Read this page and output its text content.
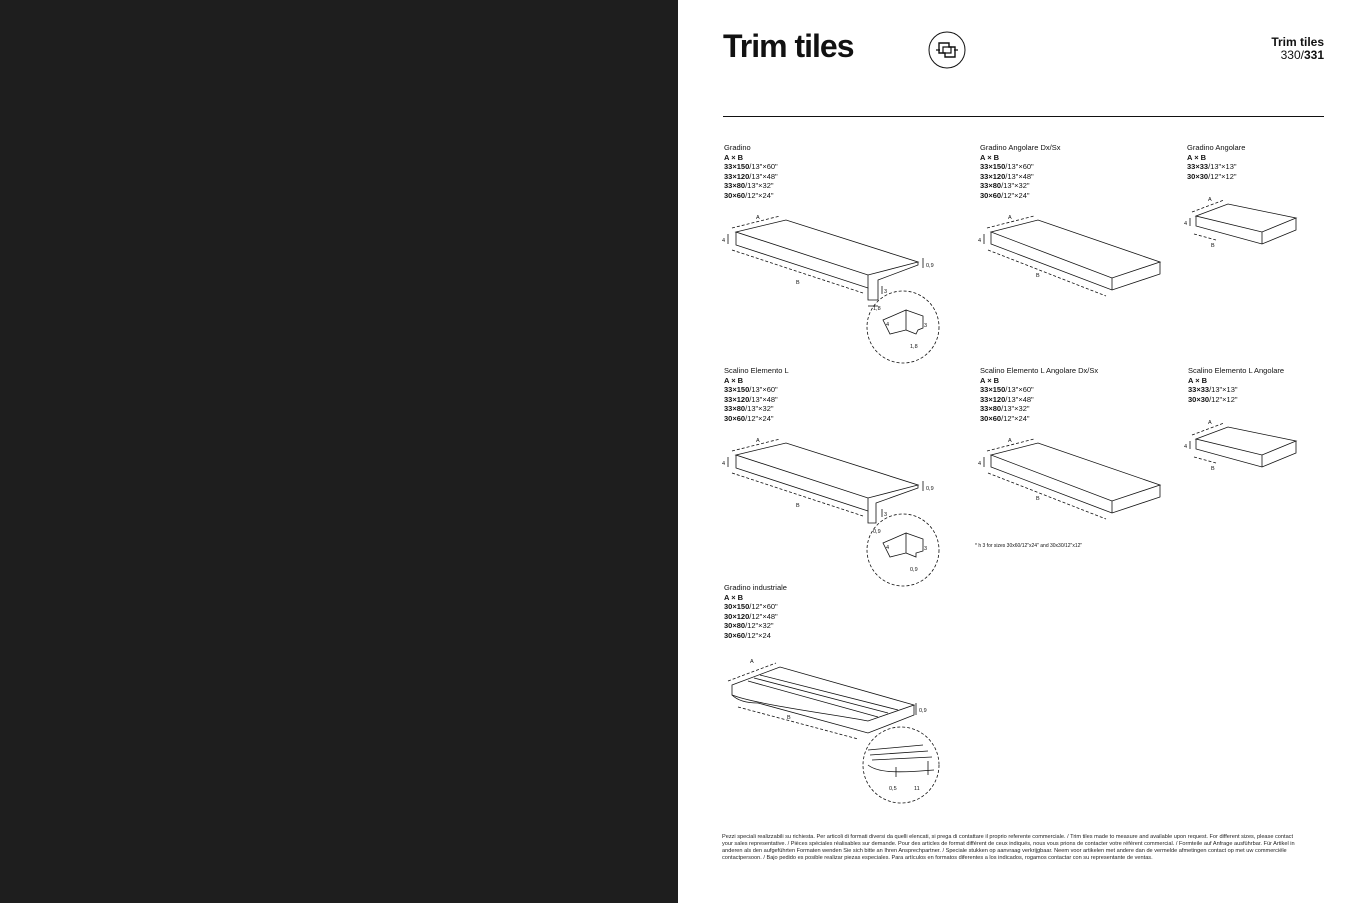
Trim tiles	Trim tiles
330/331
Gradino
A × B
33×150/13"×60"
33×120/13"×48"
33×80/13"×32"
30×60/12"×24"
Gradino Angolare Dx/Sx
A × B
33×150/13"×60"
33×120/13"×48"
33×80/13"×32"
30×60/12"×24"
Gradino Angolare
A × B
33×33/13"×13"
30×30/12"×12"
Scalino Elemento L
A × B
33×150/13"×60"
33×120/13"×48"
33×80/13"×32"
30×60/12"×24"
Scalino Elemento L Angolare Dx/Sx
A × B
33×150/13"×60"
33×120/13"×48"
33×80/13"×32"
30×60/12"×24"
Scalino Elemento L Angolare
A × B
33×33/13"×13"
30×30/12"×12"
Gradino industriale
A × B
30×150/12"×60"
30×120/12"×48"
30×80/12"×32"
30×60/12"×24
A
B
4
0,9
3
1,8
4	3
1,8
A
B
4
A
B
4
A
B
4
0,9
3
0,9
4	3
0,9
A
B
4
A
B
4
* h 3 for sizes 30x60/12"x24" and 30x30/12"x12"
A
B
0,9
0,5	11
Pezzi speciali realizzabili su richiesta. Per articoli di formati diversi da quelli elencati, si prega di contattare il proprio referente commerciale. / Trim tiles made to measure and available upon request. For different sizes, please contact your sales representative. / Pièces spéciales réalisables sur demande. Pour des articles de format différent de ceux indiqués, nous vous prions de contacter votre référent commercial. / Formteile auf Anfrage ausführbar. Für Artikel in anderen als den aufgeführten Formaten wenden Sie sich bitte an Ihren Ansprechpartner. / Speciale stukken op aanvraag verkrijgbaar. Neem voor artikelen met andere dan de vermelde afmetingen contact op met uw commerciële contactpersoon. / Bajo pedido es posible realizar piezas especiales. Para artículos en formatos diferentes a los indicados, rogamos contactar con su representante de ventas.
